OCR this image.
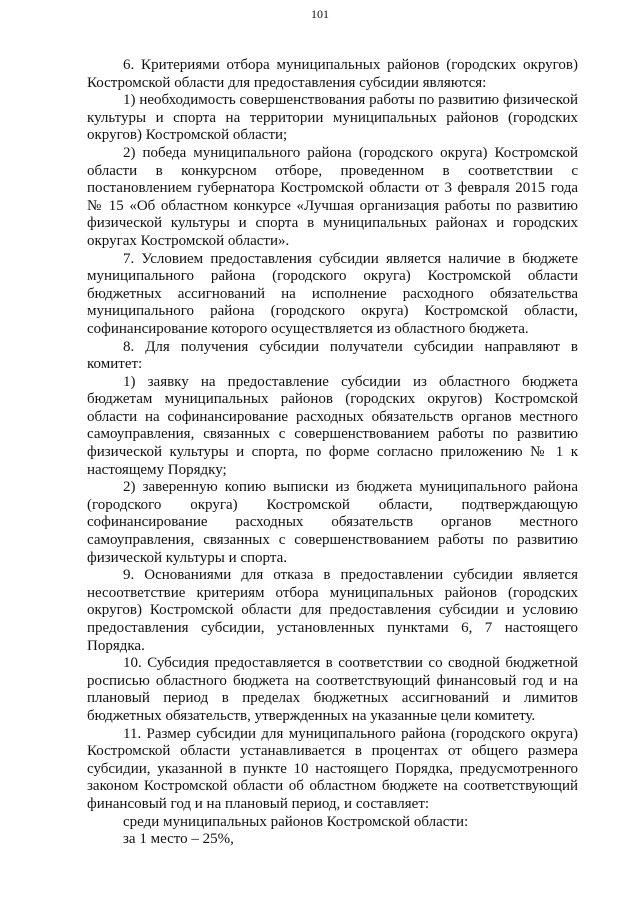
101

6. Критериями отбора муниципальных районов (городских округов) Костромской области для предоставления субсидии являются:

1) необходимость совершенствования работы по развитию физической культуры и спорта на территории муниципальных районов (городских округов) Костромской области;

2) победа муниципального района (городского округа) Костромской области в конкурсном отборе, проведенном в соответствии с постановлением губернатора Костромской области от 3 февраля 2015 года № 15 «Об областном конкурсе «Лучшая организация работы по развитию физической культуры и спорта в муниципальных районах и городских округах Костромской области».

7. Условием предоставления субсидии является наличие в бюджете муниципального района (городского округа) Костромской области бюджетных ассигнований на исполнение расходного обязательства муниципального района (городского округа) Костромской области, софинансирование которого осуществляется из областного бюджета.

8. Для получения субсидии получатели субсидии направляют в комитет:

1) заявку на предоставление субсидии из областного бюджета бюджетам муниципальных районов (городских округов) Костромской области на софинансирование расходных обязательств органов местного самоуправления, связанных с совершенствованием работы по развитию физической культуры и спорта, по форме согласно приложению № 1 к настоящему Порядку;

2) заверенную копию выписки из бюджета муниципального района (городского округа) Костромской области, подтверждающую софинансирование расходных обязательств органов местного самоуправления, связанных с совершенствованием работы по развитию физической культуры и спорта.

9. Основаниями для отказа в предоставлении субсидии является несоответствие критериям отбора муниципальных районов (городских округов) Костромской области для предоставления субсидии и условию предоставления субсидии, установленных пунктами 6, 7 настоящего Порядка.

10. Субсидия предоставляется в соответствии со сводной бюджетной росписью областного бюджета на соответствующий финансовый год и на плановый период в пределах бюджетных ассигнований и лимитов бюджетных обязательств, утвержденных на указанные цели комитету.

11. Размер субсидии для муниципального района (городского округа) Костромской области устанавливается в процентах от общего размера субсидии, указанной в пункте 10 настоящего Порядка, предусмотренного законом Костромской области об областном бюджете на соответствующий финансовый год и на плановый период, и составляет:

среди муниципальных районов Костромской области:

за 1 место – 25%,
